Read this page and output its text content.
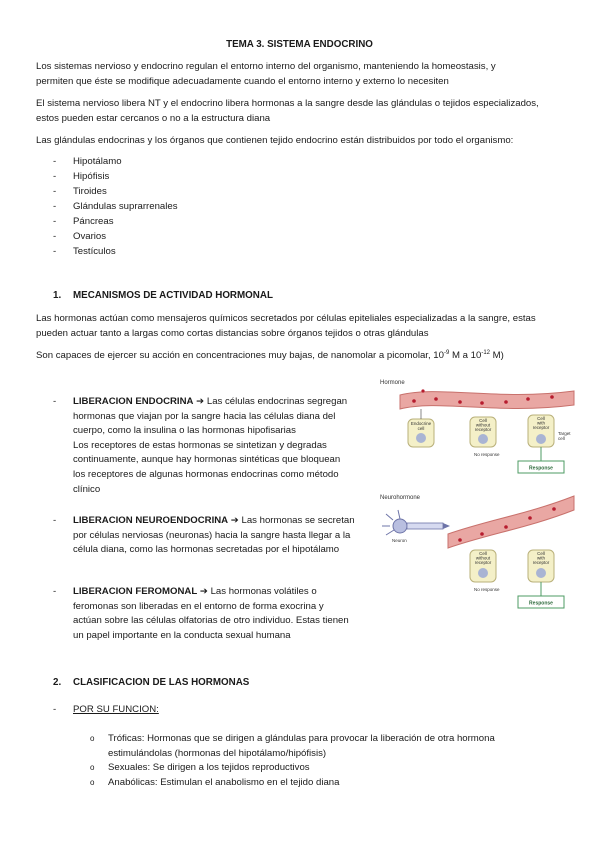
TEMA 3. SISTEMA ENDOCRINO
Los sistemas nervioso y endocrino regulan el entorno interno del organismo, manteniendo la homeostasis, y
permiten que éste se modifique adecuadamente cuando el entorno interno y externo lo necesiten
El sistema nervioso libera NT y el endocrino libera hormonas a la sangre desde las glándulas o tejidos especializados,
estos pueden estar cercanos o no a la estructura diana
Las glándulas endocrinas y los órganos que contienen tejido endocrino están distribuidos por todo el organismo:
- Hipotálamo
- Hipófisis
- Tiroides
- Glándulas suprarrenales
- Páncreas
- Ovarios
- Testículos
1. MECANISMOS DE ACTIVIDAD HORMONAL
Las hormonas actúan como mensajeros químicos secretados por células epiteliales especializadas a la sangre, estas
pueden actuar tanto a largas como cortas distancias sobre órganos tejidos o otras glándulas
Son capaces de ejercer su acción en concentraciones muy bajas, de nanomolar a picomolar, $10^{-9}$ M a $10^{-12}$ M)
- LIBERACION ENDOCRINA ➔ Las células endocrinas segregan
hormonas que viajan por la sangre hacia las células diana del
cuerpo, como la insulina o las hormonas hipofisarias
Los receptores de estas hormonas se sintetizan y degradas
continuamente, aunque hay hormonas sintéticas que bloquean
los receptores de algunas hormonas endocrinas como método
clínico
- LIBERACION NEUROENDOCRINA ➔ Las hormonas se secretan
por células nerviosas (neuronas) hacia la sangre hasta llegar a la
célula diana, como las hormonas secretadas por el hipotálamo
- LIBERACION FEROMONAL ➔ Las hormonas volátiles o
feromonas son liberadas en el entorno de forma exocrina y
actúan sobre las células olfatorias de otro individuo. Estas tienen
un papel importante en la conducta sexual humana
Hormone
Endocrine
cell
Cell
without
receptor
Cell
with
receptor
Target
cell
No response
Response
Neurohormone
Neuron
Cell
without
receptor
Cell
with
receptor
No response
Response
2. CLASIFICACION DE LAS HORMONAS
- POR SU FUNCION:
o Tróficas: Hormonas que se dirigen a glándulas para provocar la liberación de otra hormona
estimulándolas (hormonas del hipotálamo/hipófisis)
o Sexuales: Se dirigen a los tejidos reproductivos
o Anabólicas: Estimulan el anabolismo en el tejido diana
